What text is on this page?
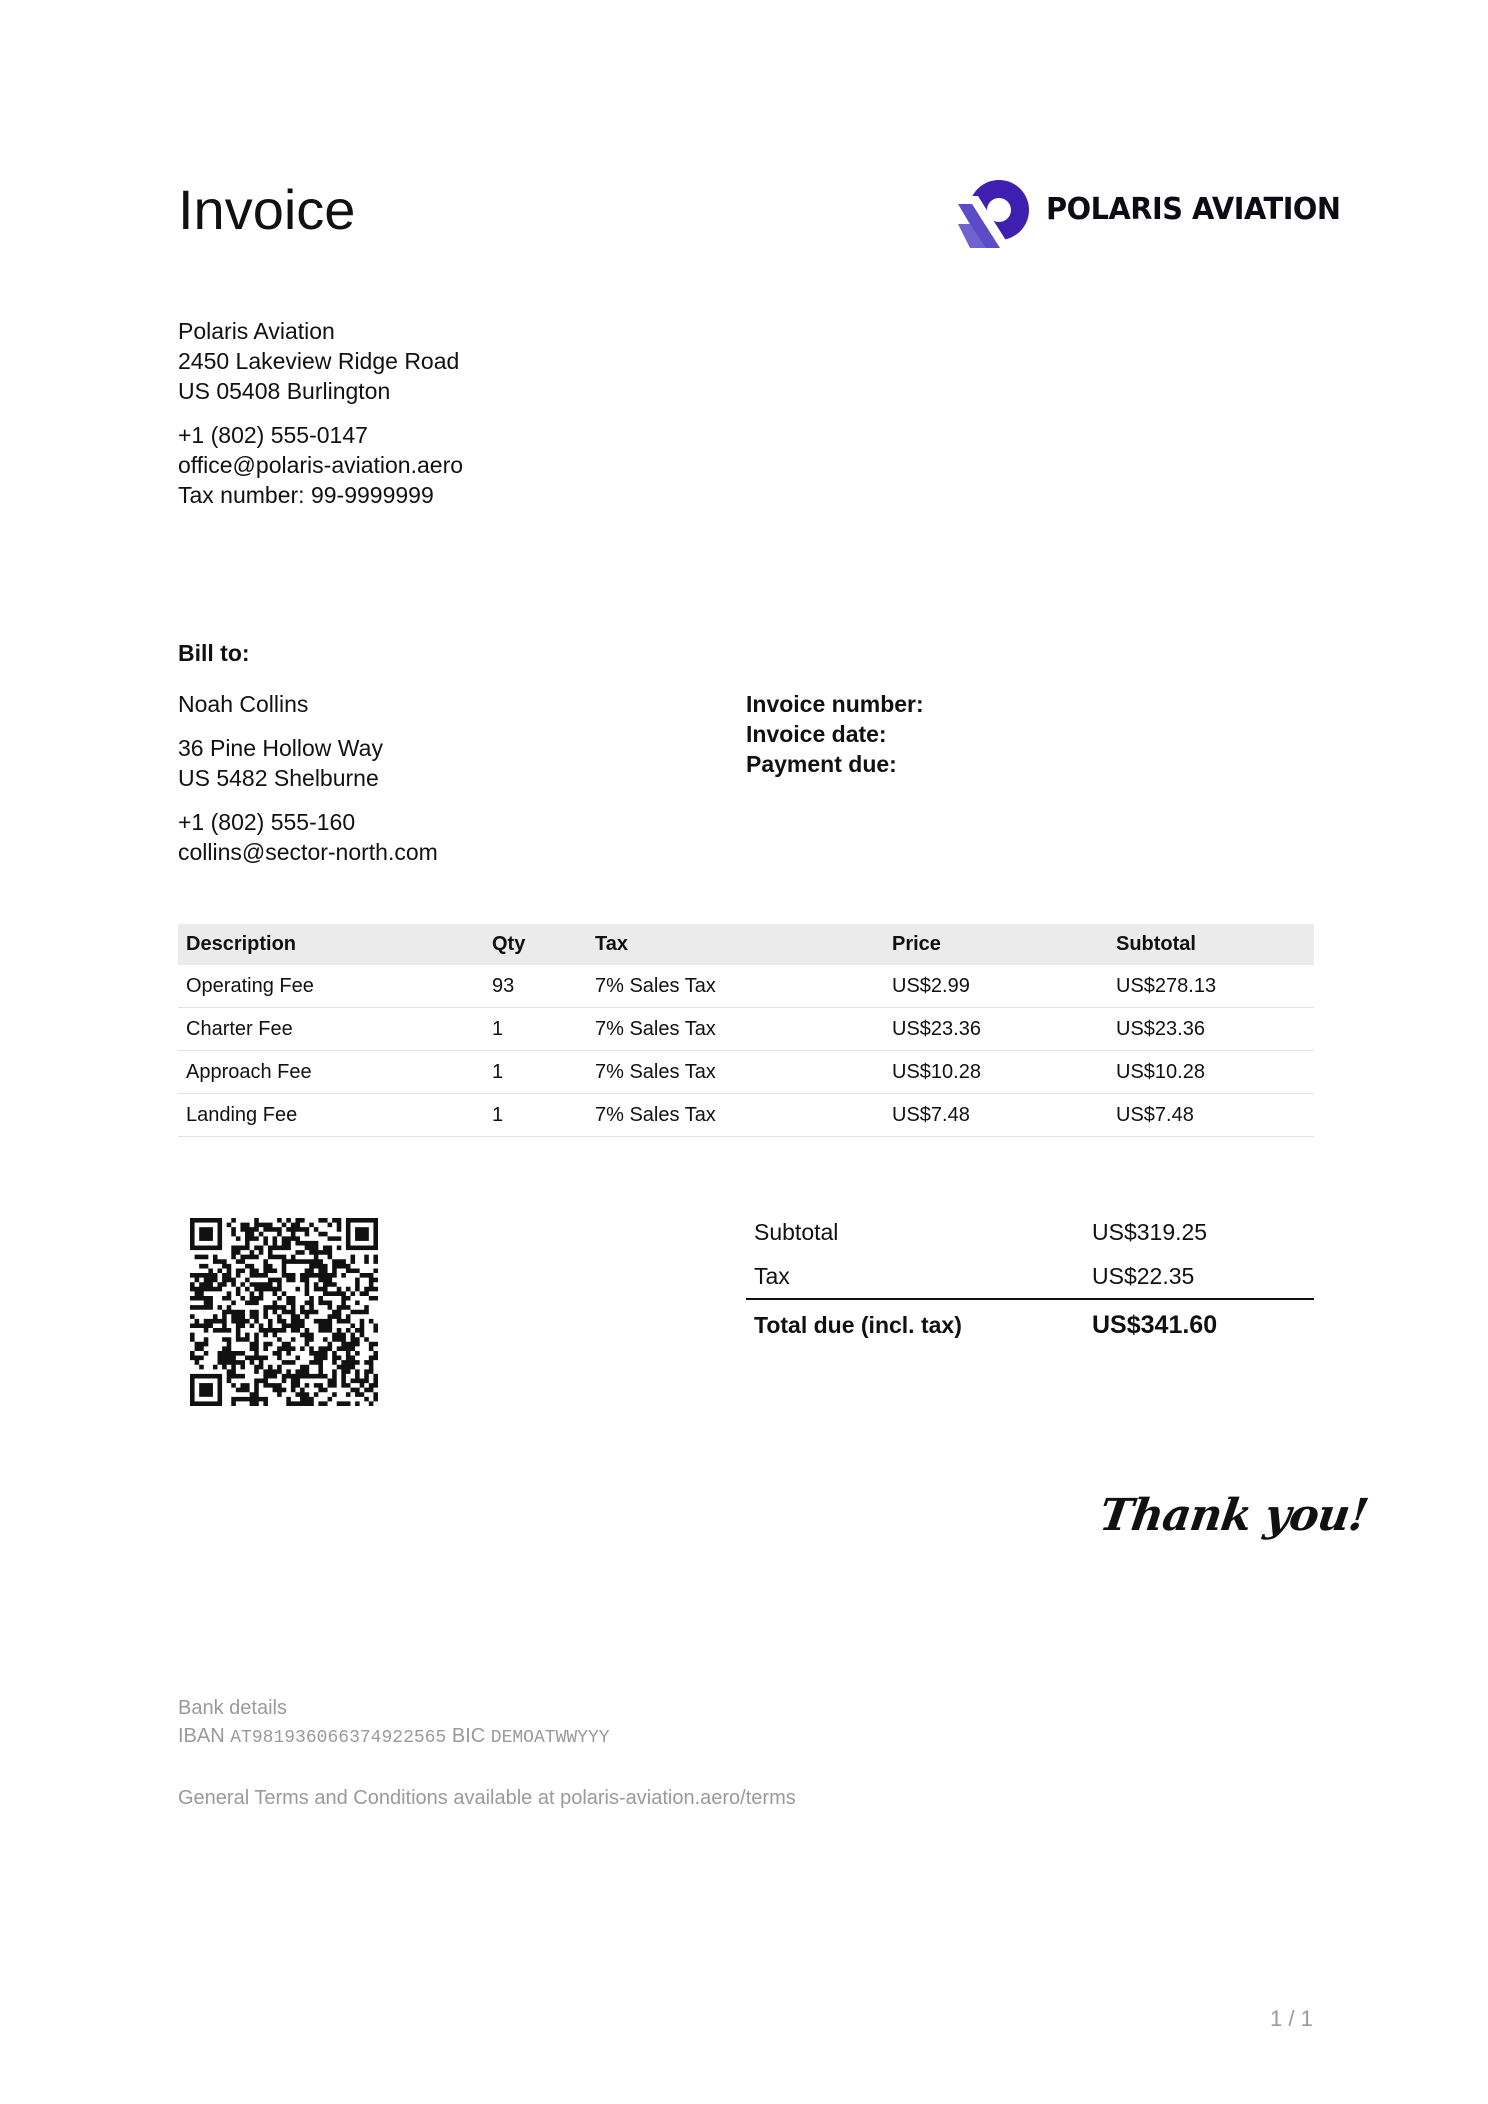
Invoice	POLARIS AVIATION
Polaris Aviation
2450 Lakeview Ridge Road
US 05408 Burlington
+1 (802) 555-0147
office@polaris-aviation.aero
Tax number: 99-9999999
Bill to:
Noah Collins
36 Pine Hollow Way
US 5482 Shelburne
+1 (802) 555-160
collins@sector-north.com
Invoice number:
Invoice date:
Payment due:
Description	Qty	Tax	Price	Subtotal
Operating Fee	93	7% Sales Tax	US$2.99	US$278.13
Charter Fee	1	7% Sales Tax	US$23.36	US$23.36
Approach Fee	1	7% Sales Tax	US$10.28	US$10.28
Landing Fee	1	7% Sales Tax	US$7.48	US$7.48
Subtotal	US$319.25
Tax	US$22.35
Total due (incl. tax)	US$341.60
Thank you!
Bank details
IBAN AT981936066374922565 BIC DEMOATWWYYY
General Terms and Conditions available at polaris-aviation.aero/terms
1 / 1
